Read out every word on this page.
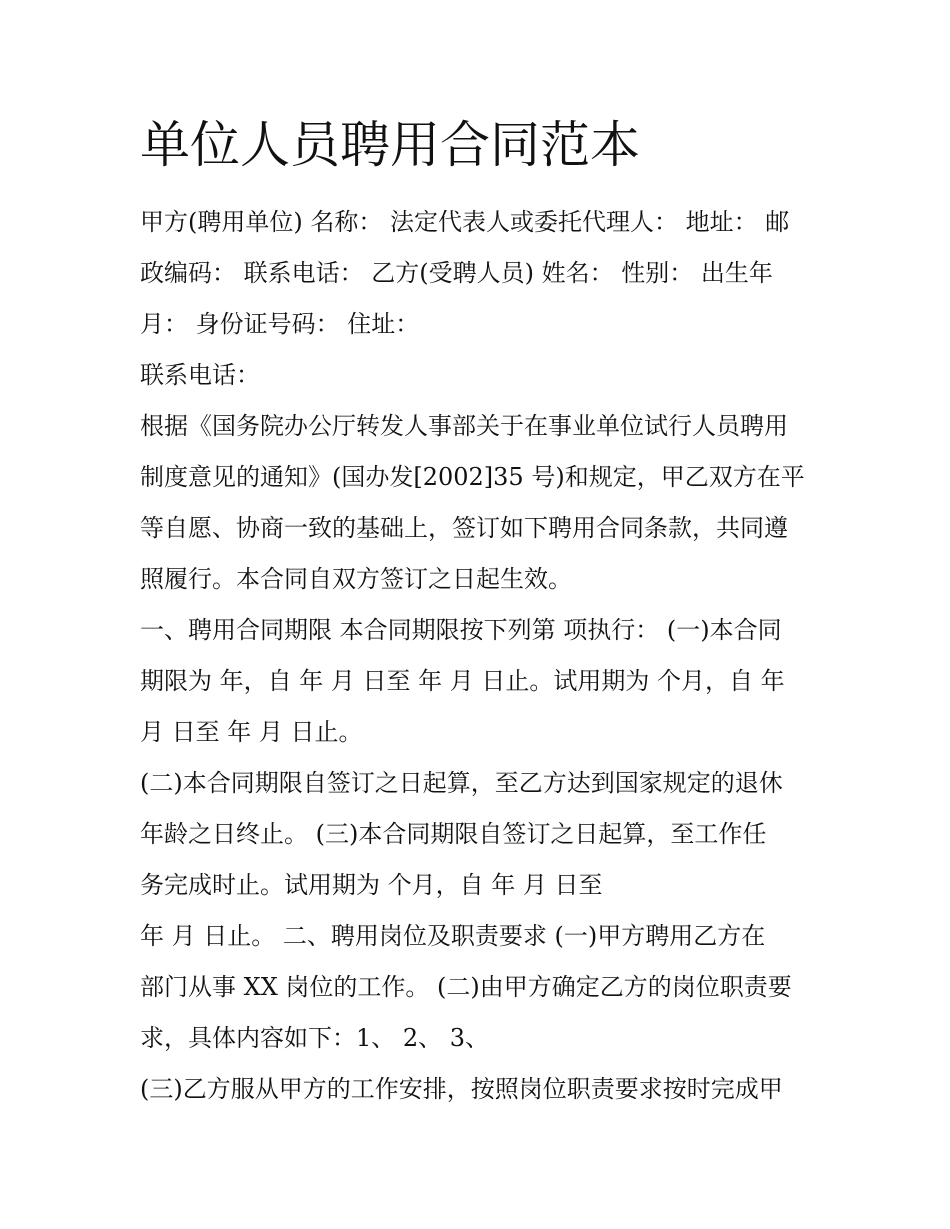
单位人员聘用合同范本

甲方(聘用单位) 名称： 法定代表人或委托代理人： 地址： 邮

政编码： 联系电话： 乙方(受聘人员) 姓名： 性别： 出生年

月： 身份证号码： 住址：

联系电话：

根据《国务院办公厅转发人事部关于在事业单位试行人员聘用

制度意见的通知》(国办发[2002]35 号)和规定，甲乙双方在平

等自愿、协商一致的基础上，签订如下聘用合同条款，共同遵

照履行。本合同自双方签订之日起生效。

一、聘用合同期限 本合同期限按下列第 项执行： (一)本合同

期限为 年，自 年 月 日至 年 月 日止。试用期为 个月，自 年

月 日至 年 月 日止。

(二)本合同期限自签订之日起算，至乙方达到国家规定的退休

年龄之日终止。 (三)本合同期限自签订之日起算，至工作任

务完成时止。试用期为 个月，自 年 月 日至

年 月 日止。 二、聘用岗位及职责要求 (一)甲方聘用乙方在

部门从事 XX 岗位的工作。 (二)由甲方确定乙方的岗位职责要

求，具体内容如下：1、 2、 3、

(三)乙方服从甲方的工作安排，按照岗位职责要求按时完成甲
